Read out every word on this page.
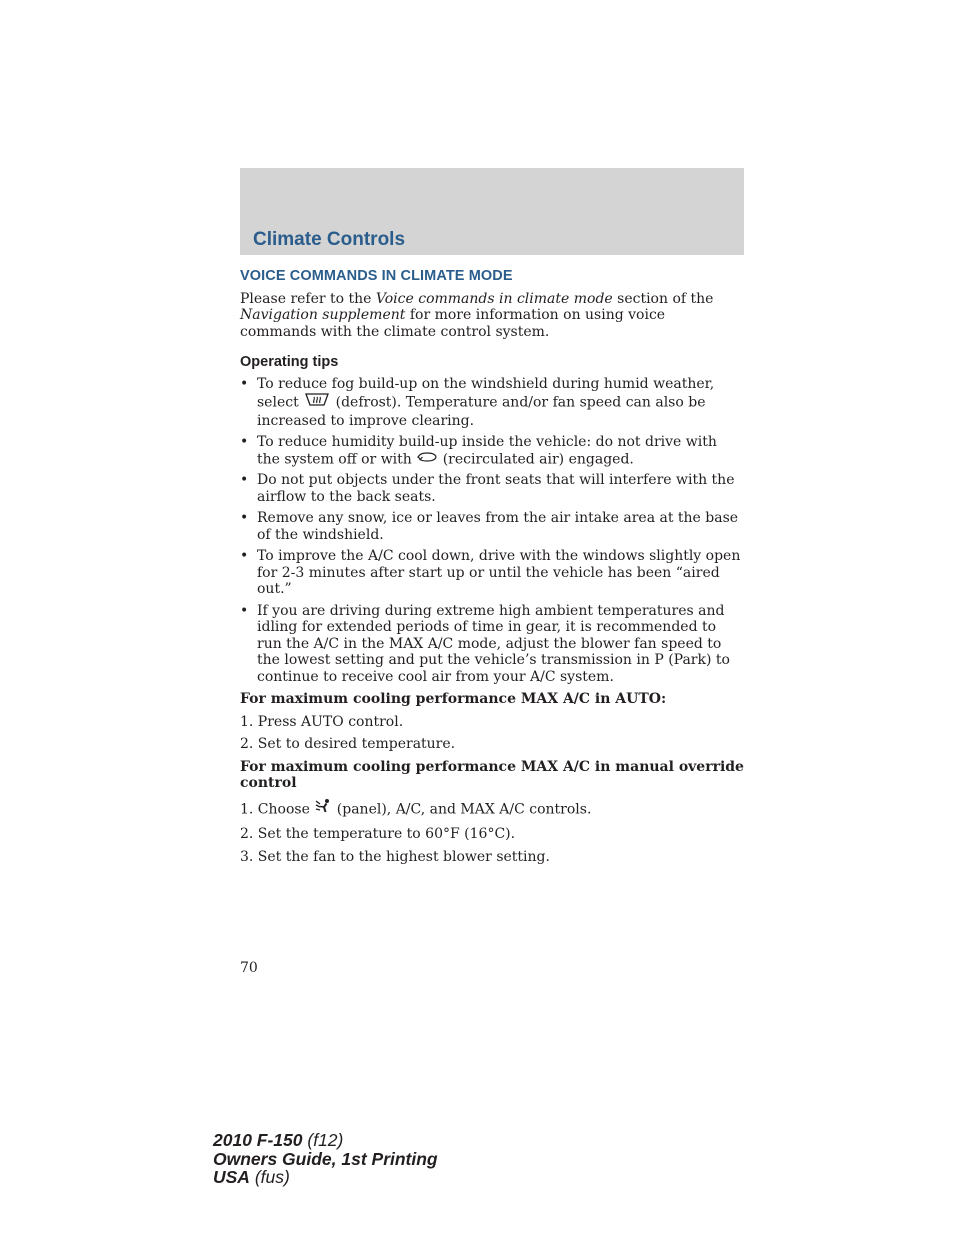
Climate Controls
VOICE COMMANDS IN CLIMATE MODE

Please refer to the Voice commands in climate mode section of the Navigation supplement for more information on using voice commands with the climate control system.

Operating tips
• To reduce fog build-up on the windshield during humid weather, select  (defrost). Temperature and/or fan speed can also be increased to improve clearing.
• To reduce humidity build-up inside the vehicle: do not drive with the system off or with  (recirculated air) engaged.
• Do not put objects under the front seats that will interfere with the airflow to the back seats.
• Remove any snow, ice or leaves from the air intake area at the base of the windshield.
• To improve the A/C cool down, drive with the windows slightly open for 2-3 minutes after start up or until the vehicle has been “aired out.”
• If you are driving during extreme high ambient temperatures and idling for extended periods of time in gear, it is recommended to run the A/C in the MAX A/C mode, adjust the blower fan speed to the lowest setting and put the vehicle’s transmission in P (Park) to continue to receive cool air from your A/C system.
For maximum cooling performance MAX A/C in AUTO:
1. Press AUTO control.
2. Set to desired temperature.
For maximum cooling performance MAX A/C in manual override control
1. Choose  (panel), A/C, and MAX A/C controls.
2. Set the temperature to 60°F (16°C).
3. Set the fan to the highest blower setting.
70
2010 F-150 (f12)
Owners Guide, 1st Printing
USA (fus)
